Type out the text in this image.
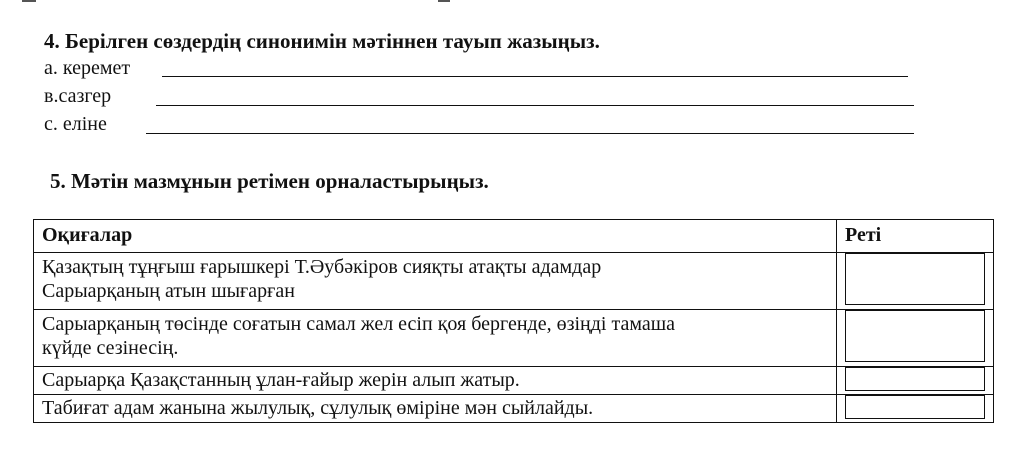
4. Берілген сөздердің синонимін мәтіннен тауып жазыңыз.
а. керемет
в.сазгер
с. еліне
5. Мәтін мазмұнын ретімен орналастырыңыз.
Оқиғалар	Реті

Қазақтың тұңғыш ғарышкері Т.Әубәкіров сияқты атақты адамдар
Сарыарқаның атын шығарған	

Сарыарқаның төсінде соғатын самал жел есіп қоя бергенде, өзіңді тамаша
күйде сезінесің.	

Сарыарқа Қазақстанның ұлан-ғайыр жерін алып жатыр.	

Табиғат адам жанына жылулық, сұлулық өміріне мән сыйлайды.	
